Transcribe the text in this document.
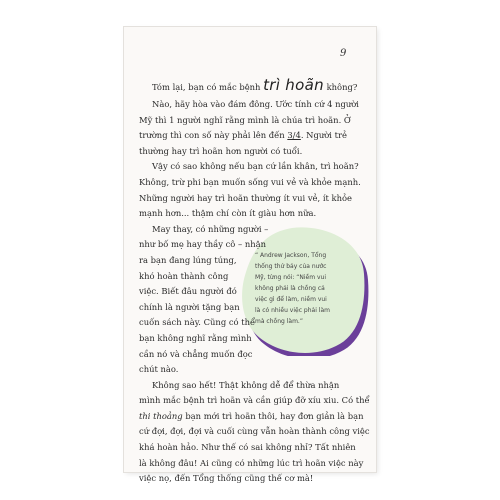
9
“ Andrew Jackson, Tổng
thống thứ bảy của nước
Mỹ, từng nói: “Niềm vui
không phải là chồng cả
việc gì để làm, niềm vui
là có nhiều việc phải làm
mà chồng làm.”
Tóm lại, bạn có mắc bệnh trì hoãn không?
Nào, hãy hòa vào đám đông. Ước tính cứ 4 người
Mỹ thì 1 người nghĩ rằng mình là chúa trì hoãn. Ở
trường thì con số này phải lên đến 3/4. Người trẻ
thường hay trì hoãn hơn người có tuổi.
Vậy có sao không nếu bạn cứ lần khân, trì hoãn?
Không, trừ phi bạn muốn sống vui vẻ và khỏe mạnh.
Những người hay trì hoãn thường ít vui vẻ, ít khỏe
mạnh hơn... thậm chí còn ít giàu hơn nữa.
May thay, có những người –
như bố mẹ hay thầy cô – nhận
ra bạn đang lúng túng,
khó hoàn thành công
việc. Biết đâu người đó
chính là người tặng bạn
cuốn sách này. Cũng có thể
bạn không nghĩ rằng mình
cần nó và chẳng muốn đọc
chút nào.
Không sao hết! Thật không dễ để thừa nhận
mình mắc bệnh trì hoãn và cần giúp đỡ xíu xiu. Có thể
thi thoảng bạn mới trì hoãn thôi, hay đơn giản là bạn
cứ đợi, đợi, đợi và cuối cùng vẫn hoàn thành công việc
khá hoàn hảo. Như thế có sai không nhỉ? Tất nhiên
là không đâu! Ai cũng có những lúc trì hoãn việc này
việc nọ, đến Tổng thống cũng thế cơ mà!
